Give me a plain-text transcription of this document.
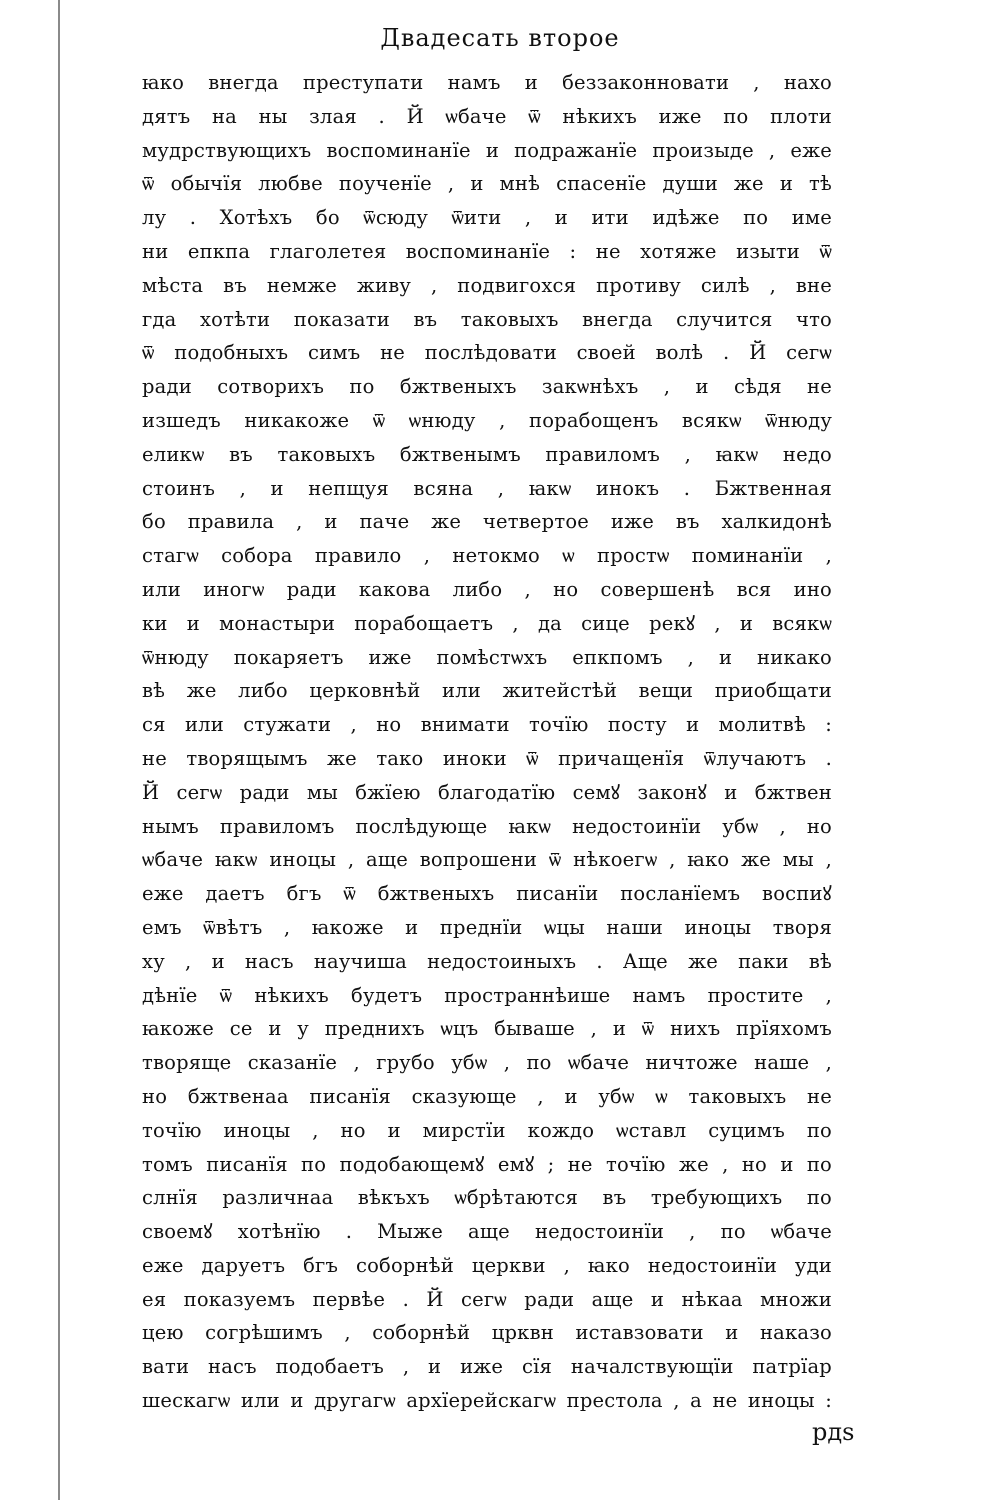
Двадесать второе
ꙗко внегда преступати намъ и беззаконновати , нахо
дятъ на ны злая . Й ѡбаче ѿ нѣкихъ иже по плоти
мудрствующихъ воспоминанїе и подражанїе произыде , еже
ѿ обычїя любве поученїе , и мнѣ спасенїе души же и тѣ
лу . Хотѣхъ бо ѿсюду ѿити , и ити идѣже по име
ни епкпа глаголетея воспоминанїе : не хотяже изыти ѿ
мѣста въ немже живу , подвигохся противу силѣ , вне
гда хотѣти показати въ таковыхъ внегда случится что
ѿ подобныхъ симъ не послѣдовати своей волѣ . Й сегѡ
ради сотворихъ по бжтвеныхъ закѡнѣхъ , и сѣдя не
изшедъ никакоже ѿ ѡнюду , порабощенъ всякѡ ѿнюду
еликѡ въ таковыхъ бжтвенымъ правиломъ , ꙗкѡ недо
стоинъ , и непщуя всяна , ꙗкѡ инокъ . Бжтвенная
бо правила , и паче же четвертое иже въ халкидонѣ
стагѡ собора правило , нетокмо ѡ простѡ поминанїи ,
или иногѡ ради какова либо , но совершенѣ вся ино
ки и монастыри порабощаетъ , да сице рекꙋ , и всякѡ
ѿнюду покаряетъ иже помѣстѡхъ епкпомъ , и никако
вѣ же либо церковнѣй или житейстѣй вещи приобщати
ся или стужати , но внимати точїю посту и молитвѣ :
не творящымъ же тако иноки ѿ причащенїя ѿлучаютъ .
Й сегѡ ради мы бжїею благодатїю семꙋ законꙋ и бжтвен
нымъ правиломъ послѣдующе ꙗкѡ недостоинїи убѡ , но
ѡбаче ꙗкѡ иноцы , аще вопрошени ѿ нѣкоегѡ , ꙗко же мы ,
еже даетъ бгъ ѿ бжтвеныхъ писанїи посланїемъ воспиꙋ
емъ ѿвѣтъ , ꙗкоже и преднїи ѡцы наши иноцы творя
ху , и насъ научиша недостоиныхъ . Аще же паки вѣ
дѣнїе ѿ нѣкихъ будетъ пространнѣише намъ простите ,
ꙗкоже се и у преднихъ ѡцъ бываше , и ѿ нихъ прїяхомъ
творяще сказанїе , грубо убѡ , по ѡбаче ничтоже наше ,
но бжтвенаа писанїя сказующе , и убѡ ѡ таковыхъ не
точїю иноцы , но и мирстїи кождо ѡставл суцимъ по
томъ писанїя по подобающемꙋ емꙋ ; не точїю же , но и по
слнїя различнаа вѣкъхъ ѡбрѣтаются въ требующихъ по
своемꙋ хотѣнїю . Мыже аще недостоинїи , по ѡбаче
еже даруетъ бгъ соборнѣй церкви , ꙗко недостоинїи уди
ея показуемъ первѣе . Й сегѡ ради аще и нѣкаа множи
цею согрѣшимъ , соборнѣй црквн иставзовати и наказо
вати насъ подобаетъ , и иже сїя началствующїи патрїар
шескагѡ или и другагѡ архїерейскагѡ престола , а не иноцы :
рдѕ
